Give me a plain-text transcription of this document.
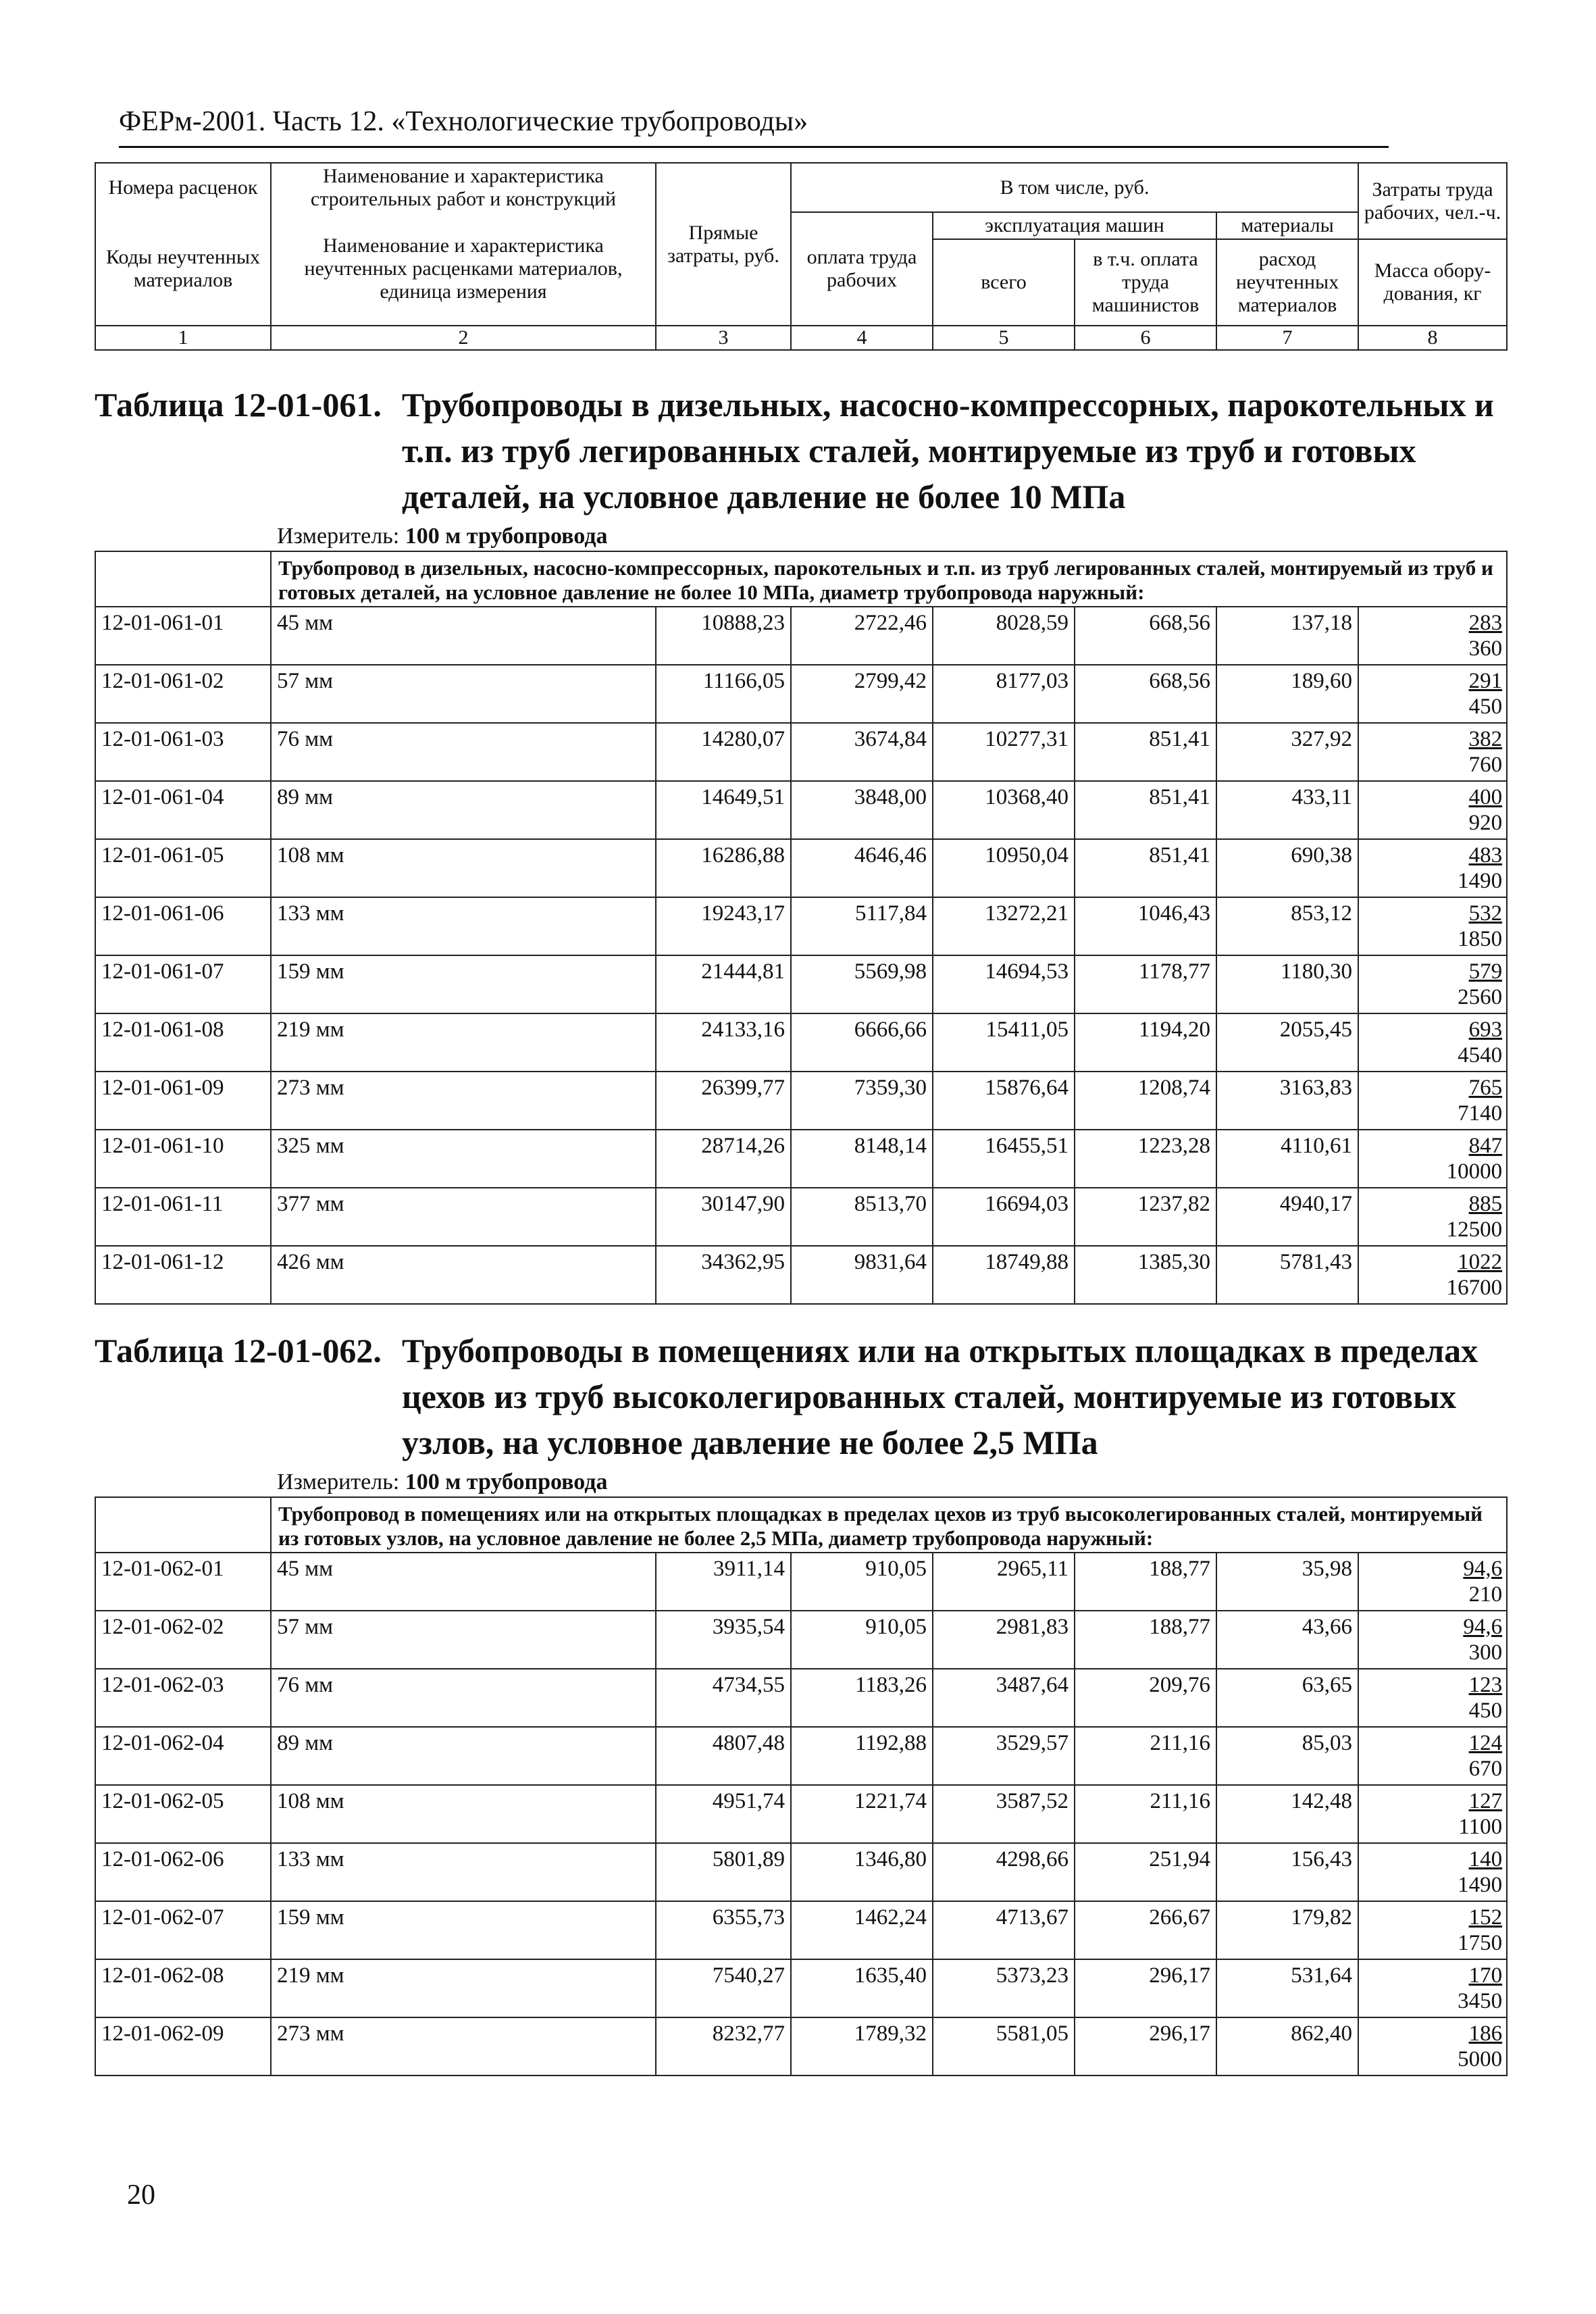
ФЕРм-2001. Часть 12. «Технологические трубопроводы»
Номера расценок	Наименование и характеристика строительных работ и конструкций	Прямые затраты, руб.	В том числе, руб.				Затраты труда рабочих, чел.-ч.
Коды неучтенных материалов	Наименование и характеристика неучтенных расценками материалов, единица измерения		оплата труда рабочих	эксплуатация машин		материалы	
				всего	в т.ч. оплата труда машинистов	расход неучтенных материалов	Масса обору-дования, кг
1	2	3	4	5	6	7	8
Таблица 12-01-061. Трубопроводы в дизельных, насосно-компрессорных, парокотельных и т.п. из труб легированных сталей, монтируемые из труб и готовых деталей, на условное давление не более 10 МПа
Измеритель: 100 м трубопровода
	Трубопровод в дизельных, насосно-компрессорных, парокотельных и т.п. из труб легированных сталей, монтируемый из труб и готовых деталей, на условное давление не более 10 МПа, диаметр трубопровода наружный:						
12-01-061-01	45 мм	10888,23	2722,46	8028,59	668,56	137,18	283
360

12-01-061-02	57 мм	11166,05	2799,42	8177,03	668,56	189,60	291
450

12-01-061-03	76 мм	14280,07	3674,84	10277,31	851,41	327,92	382
760

12-01-061-04	89 мм	14649,51	3848,00	10368,40	851,41	433,11	400
920

12-01-061-05	108 мм	16286,88	4646,46	10950,04	851,41	690,38	483
1490

12-01-061-06	133 мм	19243,17	5117,84	13272,21	1046,43	853,12	532
1850

12-01-061-07	159 мм	21444,81	5569,98	14694,53	1178,77	1180,30	579
2560

12-01-061-08	219 мм	24133,16	6666,66	15411,05	1194,20	2055,45	693
4540

12-01-061-09	273 мм	26399,77	7359,30	15876,64	1208,74	3163,83	765
7140

12-01-061-10	325 мм	28714,26	8148,14	16455,51	1223,28	4110,61	847
10000

12-01-061-11	377 мм	30147,90	8513,70	16694,03	1237,82	4940,17	885
12500

12-01-061-12	426 мм	34362,95	9831,64	18749,88	1385,30	5781,43	1022
16700
Таблица 12-01-062. Трубопроводы в помещениях или на открытых площадках в пределах цехов из труб высоколегированных сталей, монтируемые из готовых узлов, на условное давление не более 2,5 МПа
Измеритель: 100 м трубопровода
	Трубопровод в помещениях или на открытых площадках в пределах цехов из труб высоколегированных сталей, монтируемый из готовых узлов, на условное давление не более 2,5 МПа, диаметр трубопровода наружный:						
12-01-062-01	45 мм	3911,14	910,05	2965,11	188,77	35,98	94,6
210

12-01-062-02	57 мм	3935,54	910,05	2981,83	188,77	43,66	94,6
300

12-01-062-03	76 мм	4734,55	1183,26	3487,64	209,76	63,65	123
450

12-01-062-04	89 мм	4807,48	1192,88	3529,57	211,16	85,03	124
670

12-01-062-05	108 мм	4951,74	1221,74	3587,52	211,16	142,48	127
1100

12-01-062-06	133 мм	5801,89	1346,80	4298,66	251,94	156,43	140
1490

12-01-062-07	159 мм	6355,73	1462,24	4713,67	266,67	179,82	152
1750

12-01-062-08	219 мм	7540,27	1635,40	5373,23	296,17	531,64	170
3450

12-01-062-09	273 мм	8232,77	1789,32	5581,05	296,17	862,40	186
5000
20
